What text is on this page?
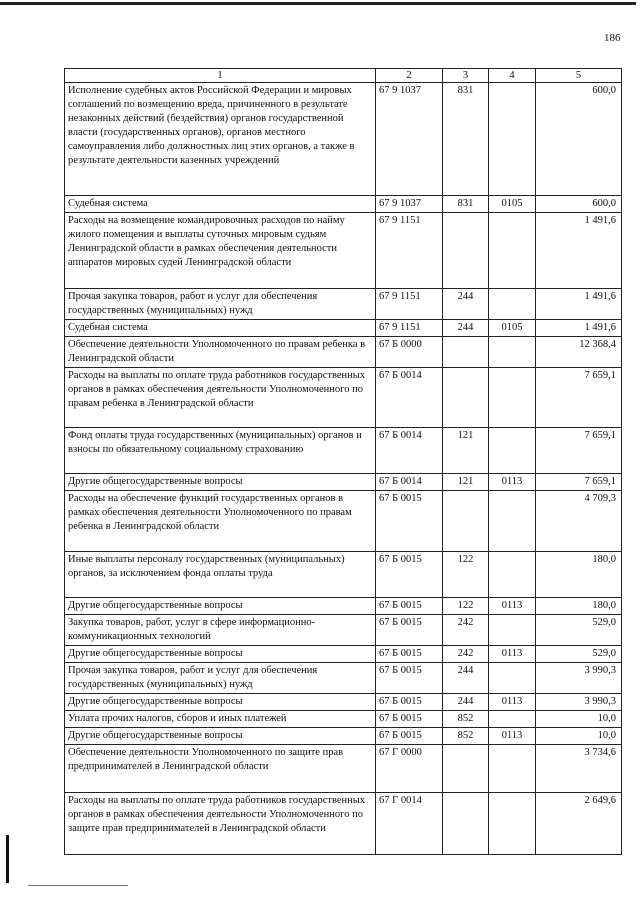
186
1	2	3	4	5
Исполнение судебных актов Российской Федерации и мировых соглашений по возмещению вреда, причиненного в результате незаконных действий (бездействия) органов государственной власти (государственных органов), органов местного самоуправления либо должностных лиц этих органов, а также в результате деятельности казенных учреждений	67 9 1037	831		600,0
Судебная система	67 9 1037	831	0105	600,0
Расходы на возмещение командировочных расходов по найму жилого помещения и выплаты суточных мировым судьям Ленинградской области в рамках обеспечения деятельности аппаратов мировых судей Ленинградской области	67 9 1151			1 491,6
Прочая закупка товаров, работ и услуг для обеспечения государственных (муниципальных) нужд	67 9 1151	244		1 491,6
Судебная система	67 9 1151	244	0105	1 491,6
Обеспечение деятельности Уполномоченного по правам ребенка в Ленинградской области	67 Б 0000			12 368,4
Расходы на выплаты по оплате труда работников государственных органов в рамках обеспечения деятельности Уполномоченного по правам ребенка в Ленинградской области	67 Б 0014			7 659,1
Фонд оплаты труда государственных (муниципальных) органов и взносы по обязательному социальному страхованию	67 Б 0014	121		7 659,1
Другие общегосударственные вопросы	67 Б 0014	121	0113	7 659,1
Расходы на обеспечение функций государственных органов в рамках обеспечения деятельности Уполномоченного по правам ребенка в Ленинградской области	67 Б 0015			4 709,3
Иные выплаты персоналу государственных (муниципальных) органов, за исключением фонда оплаты труда	67 Б 0015	122		180,0
Другие общегосударственные вопросы	67 Б 0015	122	0113	180,0
Закупка товаров, работ, услуг в сфере информационно-коммуникационных технологий	67 Б 0015	242		529,0
Другие общегосударственные вопросы	67 Б 0015	242	0113	529,0
Прочая закупка товаров, работ и услуг для обеспечения государственных (муниципальных) нужд	67 Б 0015	244		3 990,3
Другие общегосударственные вопросы	67 Б 0015	244	0113	3 990,3
Уплата прочих налогов, сборов и иных платежей	67 Б 0015	852		10,0
Другие общегосударственные вопросы	67 Б 0015	852	0113	10,0
Обеспечение деятельности Уполномоченного по защите прав предпринимателей в Ленинградской области	67 Г 0000			3 734,6
Расходы на выплаты по оплате труда работников государственных органов в рамках обеспечения деятельности Уполномоченного по защите прав предпринимателей в Ленинградской области	67 Г 0014			2 649,6
